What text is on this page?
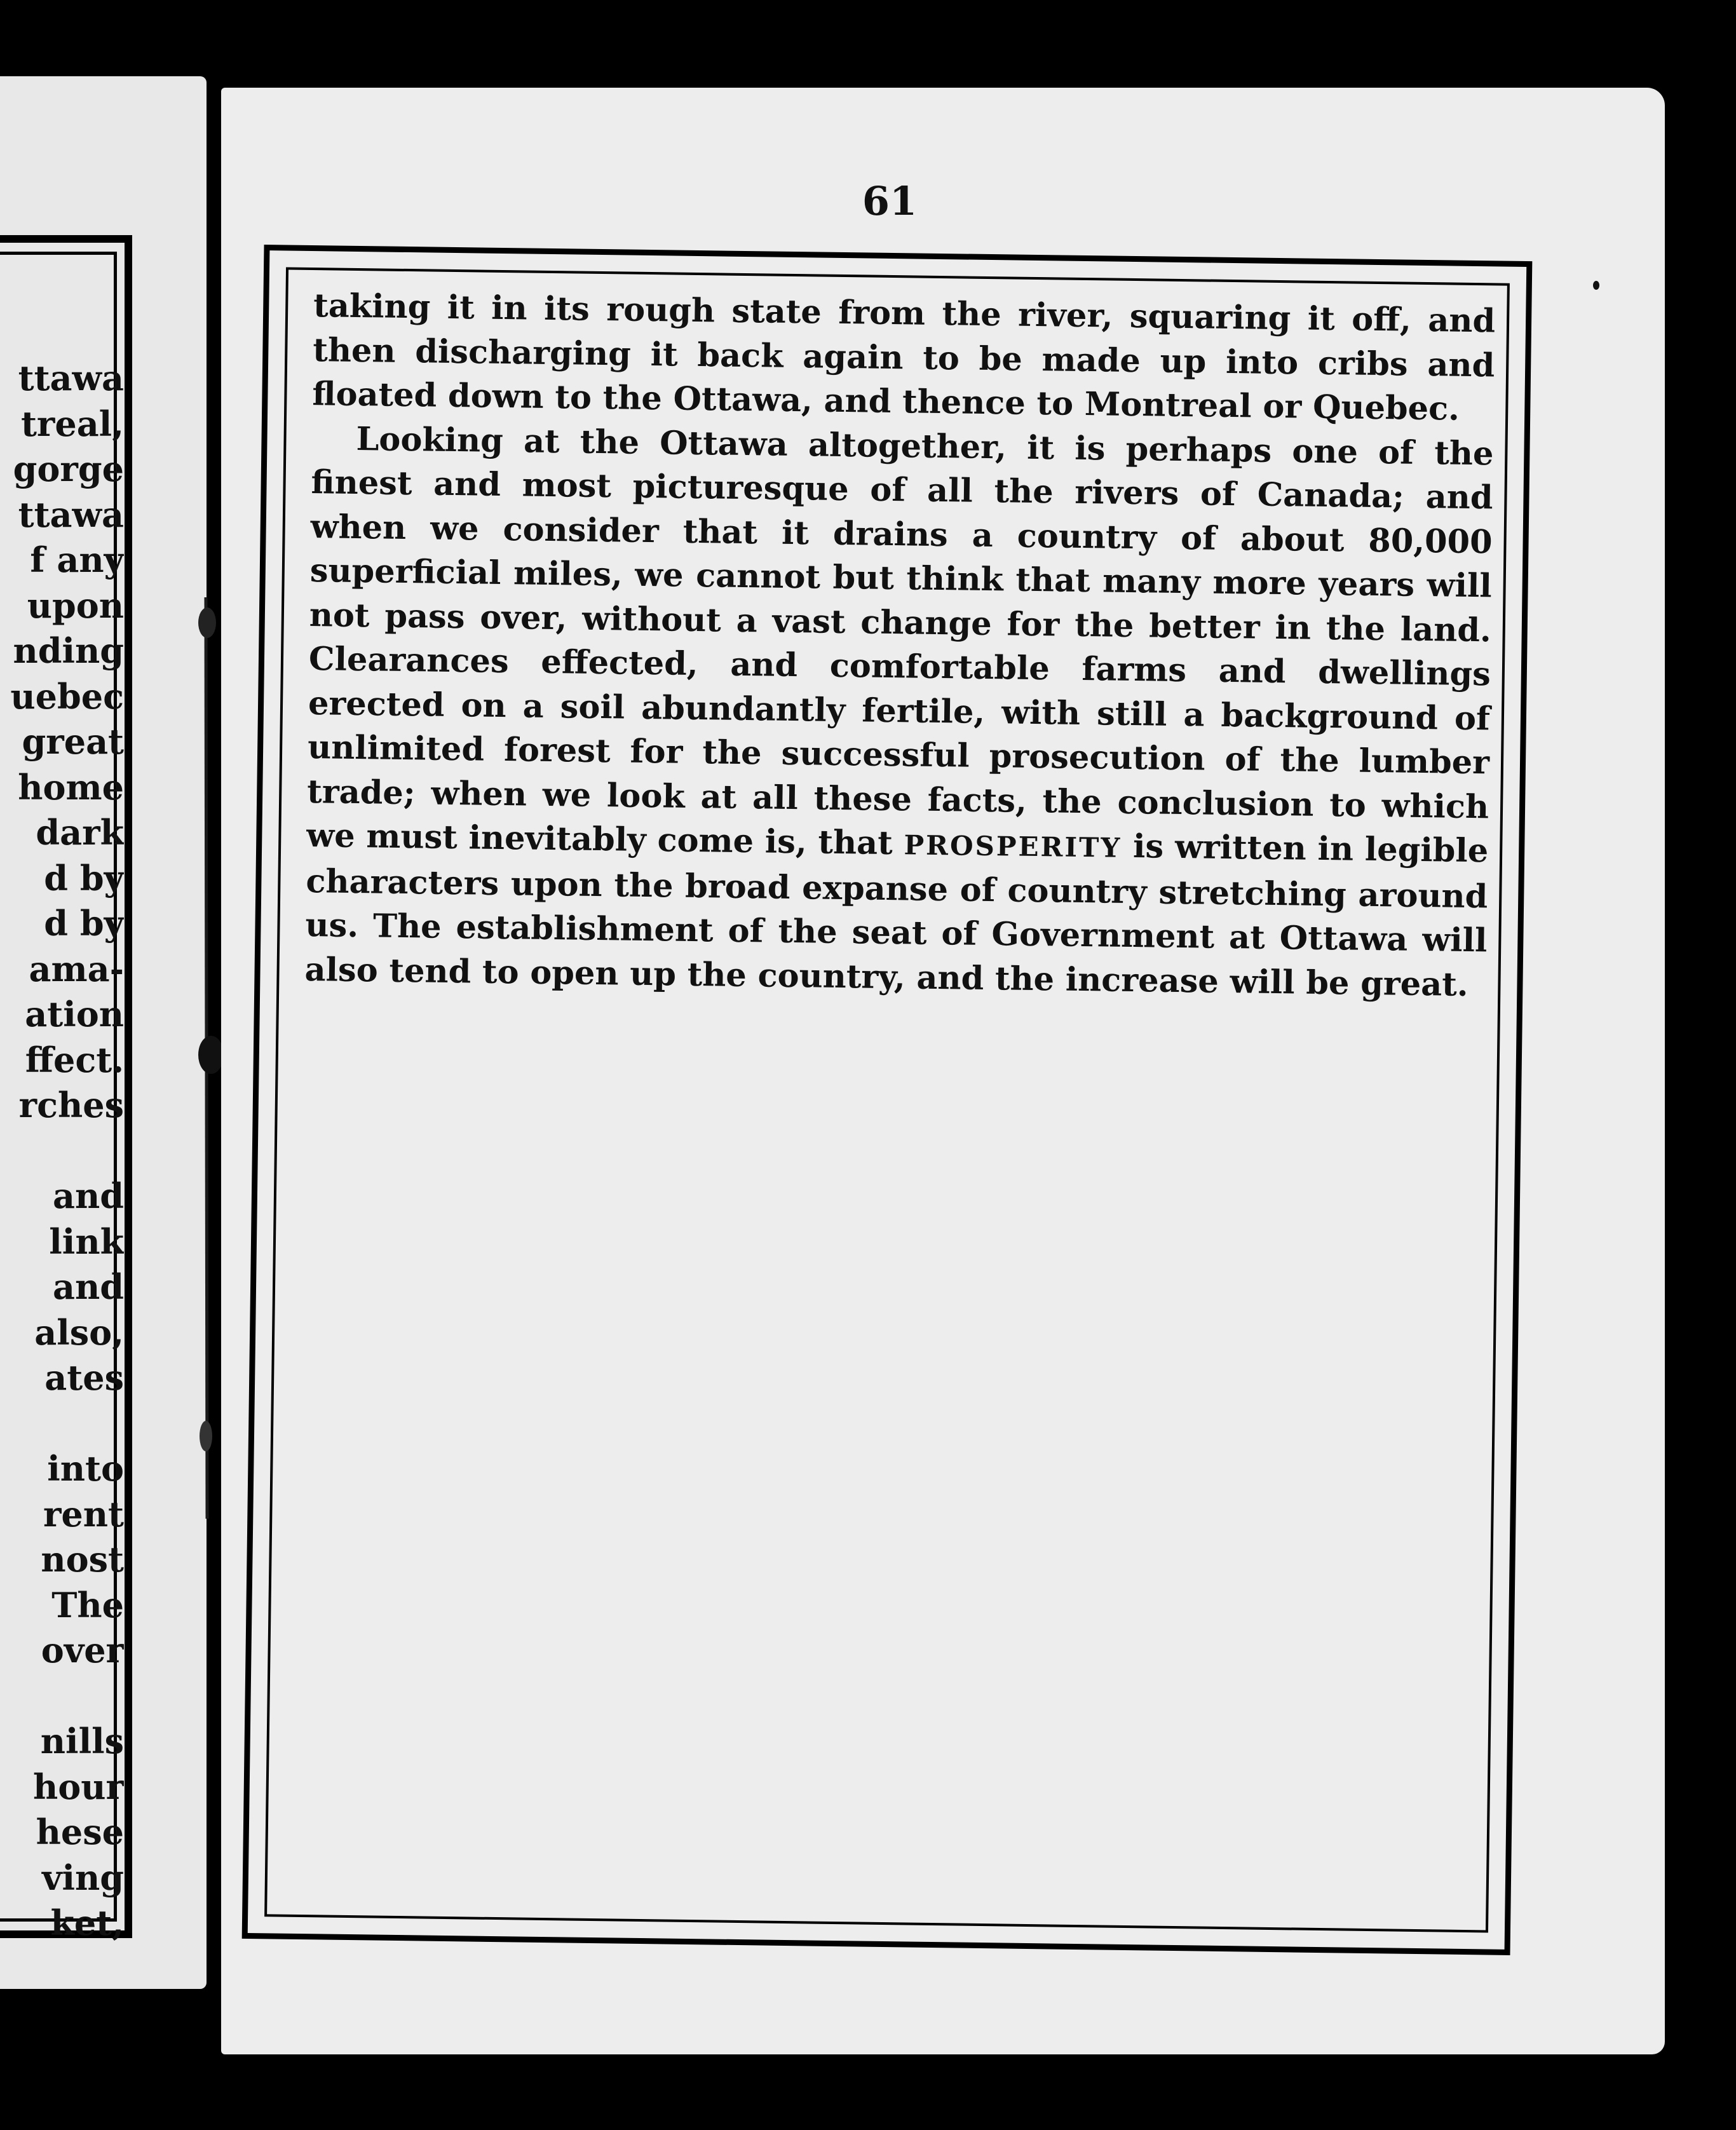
ttawa
treal,
gorge
ttawa
f any
upon
nding
uebec
great
home
dark
d by
d by
ama-
ation
ffect.
rches
and
link
and
also,
ates
into
rent
nost
The
over
nills
hour
hese
ving
ket,
61

taking it in its rough state from the river, squaring it off, and then discharging it back again to be made up into cribs and floated down to the Ottawa, and thence to Montreal or Quebec.

Looking at the Ottawa altogether, it is perhaps one of the finest and most picturesque of all the rivers of Canada; and when we consider that it drains a country of about 80,000 superficial miles, we cannot but think that many more years will not pass over, without a vast change for the better in the land. Clearances effected, and comfortable farms and dwellings erected on a soil abundantly fertile, with still a background of unlimited forest for the successful prosecution of the lumber trade; when we look at all these facts, the conclusion to which we must inevitably come is, that PROSPERITY is written in legible characters upon the broad expanse of country stretching around us. The establishment of the seat of Government at Ottawa will also tend to open up the country, and the increase will be great.
